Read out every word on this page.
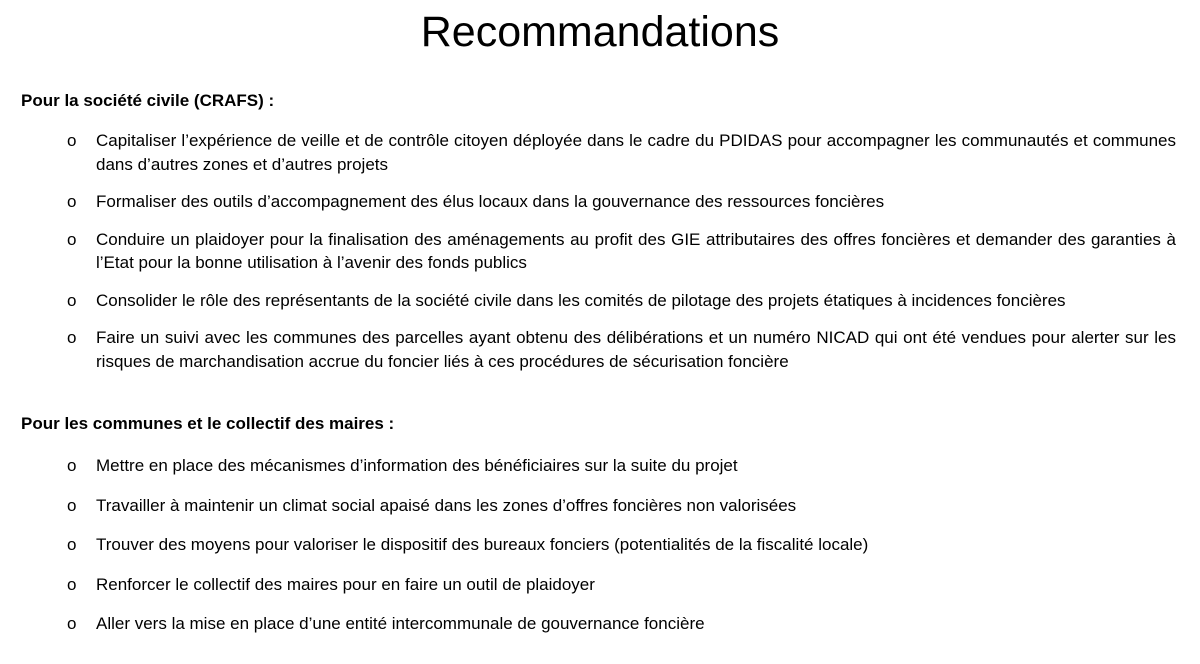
Recommandations
Pour la société civile (CRAFS) :
o Capitaliser l’expérience de veille et de contrôle citoyen déployée dans le cadre du PDIDAS pour accompagner les communautés et communes dans d’autres zones et d’autres projets
o Formaliser des outils d’accompagnement des élus locaux dans la gouvernance des ressources foncières
o Conduire un plaidoyer pour la finalisation des aménagements au profit des GIE attributaires des offres foncières et demander des garanties à l’Etat pour la bonne utilisation à l’avenir des fonds publics
o Consolider le rôle des représentants de la société civile dans les comités de pilotage des projets étatiques à incidences foncières
o Faire un suivi avec les communes des parcelles ayant obtenu des délibérations et un numéro NICAD qui ont été vendues pour alerter sur les risques de marchandisation accrue du foncier liés à ces procédures de sécurisation foncière
Pour les communes et le collectif des maires :
o Mettre en place des mécanismes d’information des bénéficiaires sur la suite du projet
o Travailler à maintenir un climat social apaisé dans les zones d’offres foncières non valorisées
o Trouver des moyens pour valoriser le dispositif des bureaux fonciers (potentialités de la fiscalité locale)
o Renforcer le collectif des maires pour en faire un outil de plaidoyer
o Aller vers la mise en place d’une entité intercommunale de gouvernance foncière
